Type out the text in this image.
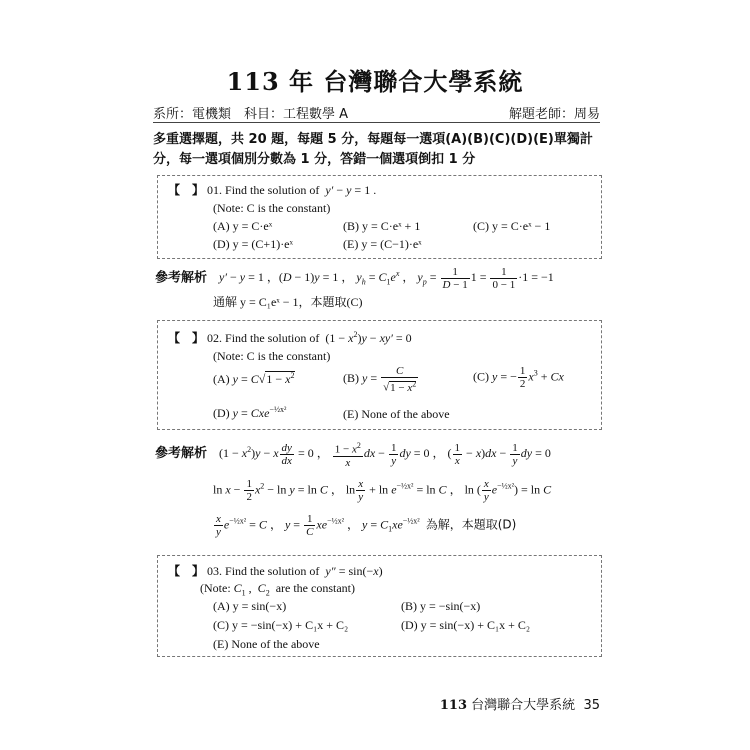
113 年 台灣聯合大學系統
系所：電機類　科目：工程數學 A	解題老師：周易
多重選擇題，共 20 題，每題 5 分，每題每一選項(A)(B)(C)(D)(E)單獨計分，每一選項個別分數為 1 分，答錯一個選項倒扣 1 分
【　】 01. Find the solution of y′ − y = 1 .
(Note: C is the constant)
(A) y = C·eˣ	(B) y = C·eˣ + 1	(C) y = C·eˣ − 1
(D) y = (C+1)·eˣ	(E) y = (C−1)·eˣ
參考解析 y′ − y = 1 ，(D − 1)y = 1 ， $y_h = C_1e^x$ ， $y_p = \frac{1}{D - 1} 1 = \frac{1}{0 - 1} \cdot 1 = -1$
通解 y = C₁eˣ − 1，本題取(C)
【　】 02. Find the solution of $(1 - x^2)y - xy' = 0$
(Note: C is the constant)
(A) $y = C√1 - x^2$	(B) $y = \frac{C}{√1 - x^2}$	(C) y = − $\frac{1}{2} x^3 + Cx$
(D) y = Cxe$^{-\frac{1}{2}x^2}$	(E) None of the above
參考解析    $(1 - x^2)y - x \frac{dy}{dx} = 0$ ， $\frac{1 - x^2}{x}$ dx − $\frac{1}{y}$ dy = 0 ， ( $\frac{1}{x} - x)dx - \frac{1}{y}$ dy = 0
$\ln x - \frac{1}{2} x^2 - \ln y = \ln C$ ， $\ln \frac{x}{y} + \ln e^{-\frac{1}{2}x^2} = \ln C$ ， ln ( $\frac{x}{y} e^{-\frac{1}{2}x^2}) = \ln C$
$\frac{x}{y} e^{-\frac{1}{2}x^2} = C$ ， $y = \frac{1}{C} xe^{-\frac{1}{2}x^2}$ ， $y = C_1xe^{-\frac{1}{2}x^2}$ 為解，本題取(D)
【　】 03. Find the solution of y″ = sin(−x)
(Note: $C_1$ ,  $C_2$ are the constant)
(A) y = sin(−x)	(B) y = −sin(−x)
(C) y = −sin(−x) + C₁x + C₂	(D) y = sin(−x) + C₁x + C₂
(E) None of the above
113 台灣聯合大學系統 35
